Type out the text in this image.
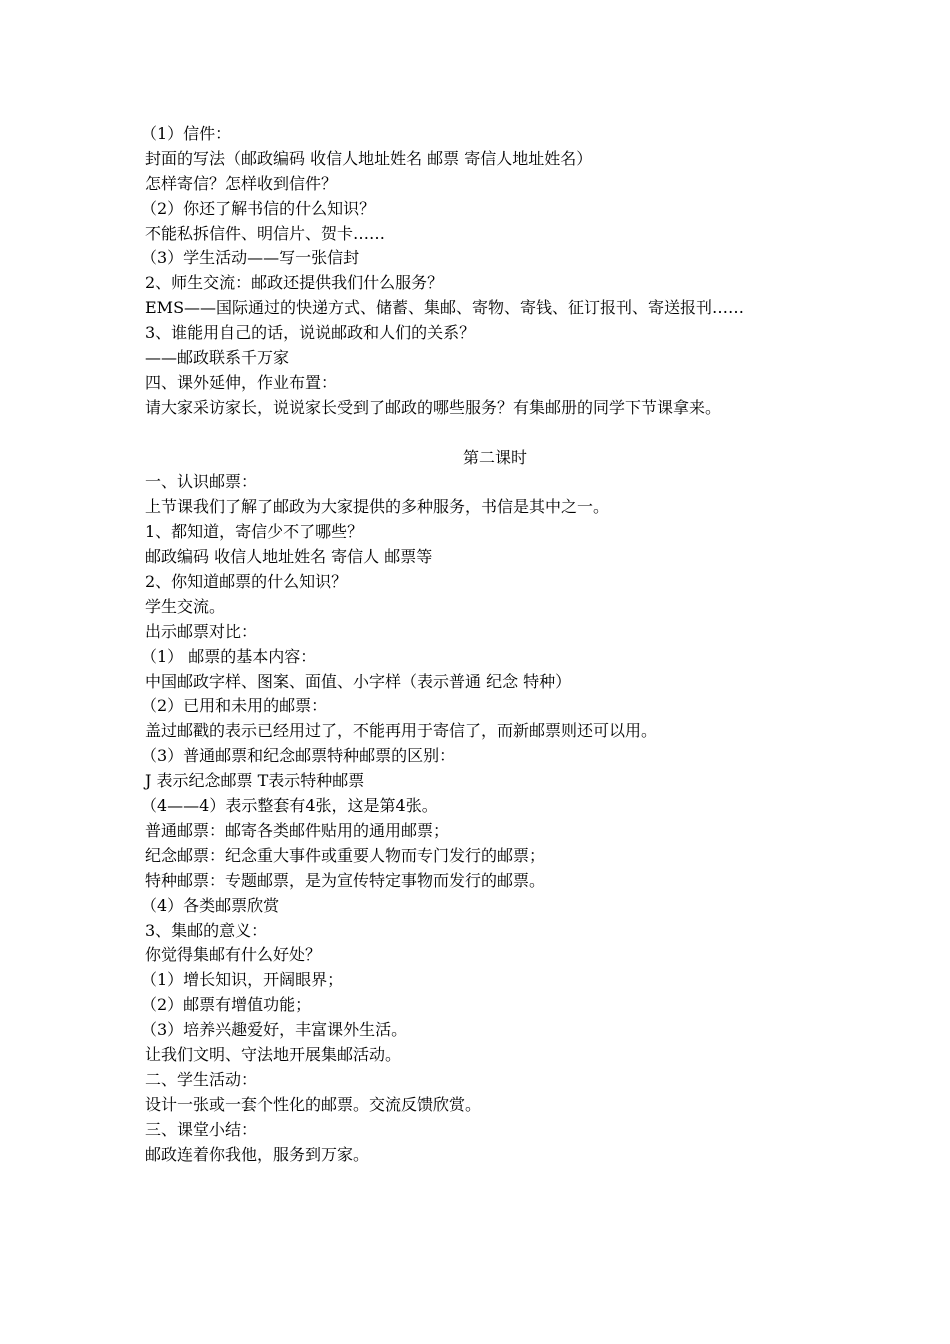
（1）信件：
封面的写法（邮政编码 收信人地址姓名 邮票 寄信人地址姓名）
怎样寄信？怎样收到信件？
（2）你还了解书信的什么知识？
不能私拆信件、明信片、贺卡……
（3）学生活动——写一张信封
2、师生交流：邮政还提供我们什么服务？
EMS——国际通过的快递方式、储蓄、集邮、寄物、寄钱、征订报刊、寄送报刊……
3、谁能用自己的话，说说邮政和人们的关系？
——邮政联系千万家
四、课外延伸，作业布置：
请大家采访家长，说说家长受到了邮政的哪些服务？有集邮册的同学下节课拿来。
第二课时
一、认识邮票：
上节课我们了解了邮政为大家提供的多种服务，书信是其中之一。
1、都知道，寄信少不了哪些？
邮政编码 收信人地址姓名 寄信人 邮票等
2、你知道邮票的什么知识？
学生交流。
出示邮票对比：
（1） 邮票的基本内容：
中国邮政字样、图案、面值、小字样（表示普通 纪念 特种）
（2）已用和未用的邮票：
盖过邮戳的表示已经用过了，不能再用于寄信了，而新邮票则还可以用。
（3）普通邮票和纪念邮票特种邮票的区别：
J 表示纪念邮票 T表示特种邮票
（4——4）表示整套有4张，这是第4张。
普通邮票：邮寄各类邮件贴用的通用邮票；
纪念邮票：纪念重大事件或重要人物而专门发行的邮票；
特种邮票：专题邮票，是为宣传特定事物而发行的邮票。
（4）各类邮票欣赏
3、集邮的意义：
你觉得集邮有什么好处？
（1）增长知识，开阔眼界；
（2）邮票有增值功能；
（3）培养兴趣爱好，丰富课外生活。
让我们文明、守法地开展集邮活动。
二、学生活动：
设计一张或一套个性化的邮票。交流反馈欣赏。
三、课堂小结：
邮政连着你我他，服务到万家。
